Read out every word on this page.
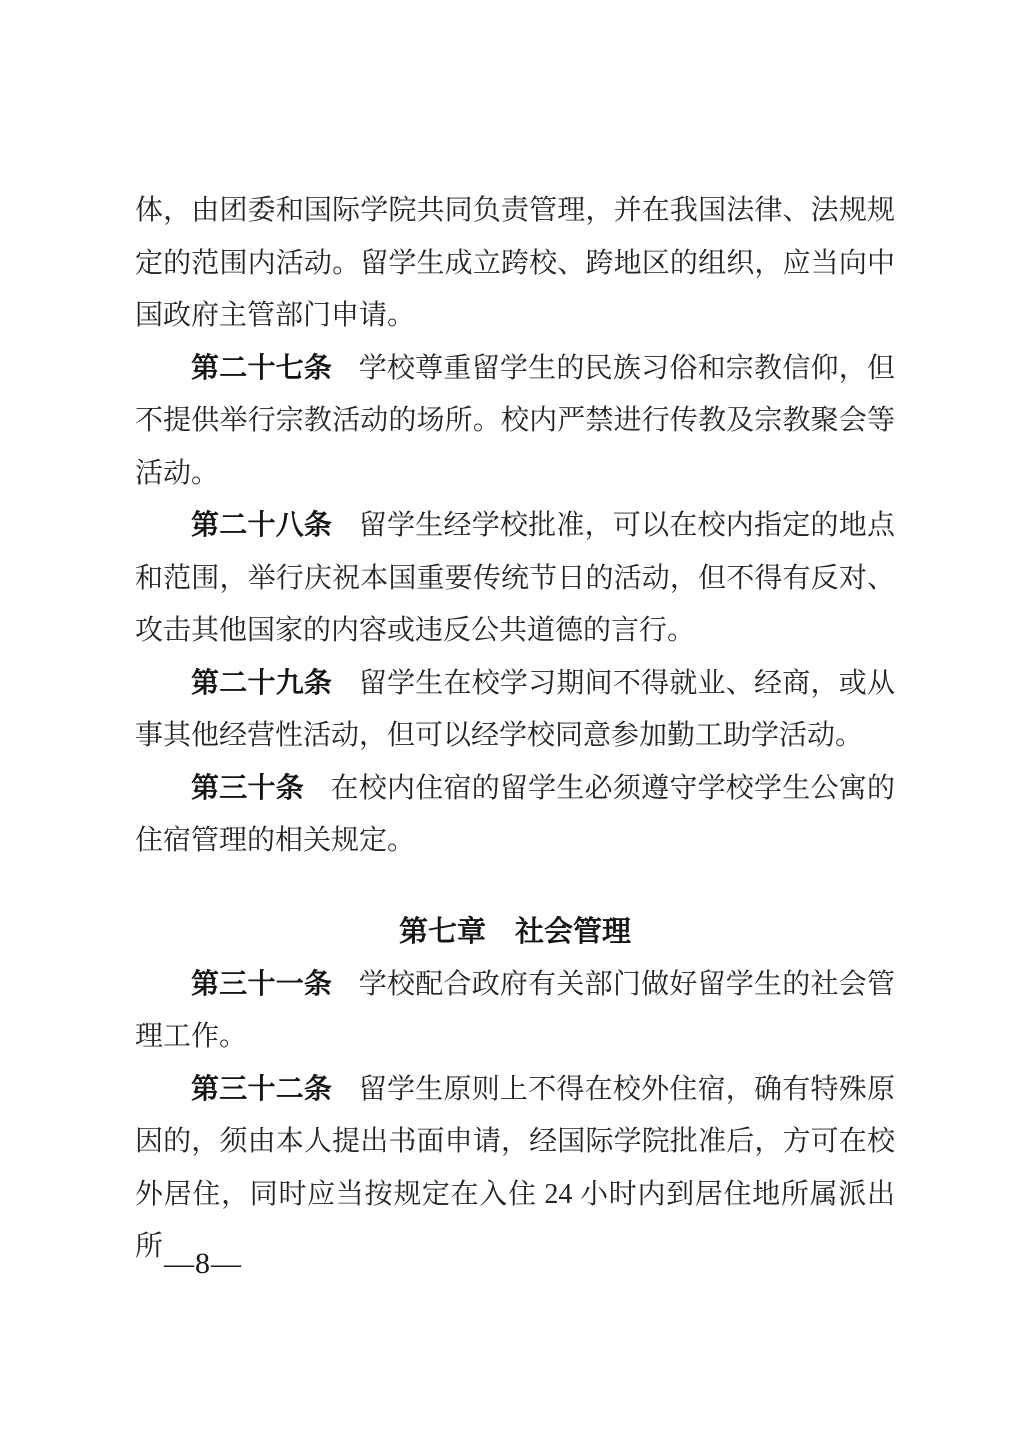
体，由团委和国际学院共同负责管理，并在我国法律、法规规定的范围内活动。留学生成立跨校、跨地区的组织，应当向中国政府主管部门申请。

第二十七条 学校尊重留学生的民族习俗和宗教信仰，但不提供举行宗教活动的场所。校内严禁进行传教及宗教聚会等活动。

第二十八条 留学生经学校批准，可以在校内指定的地点和范围，举行庆祝本国重要传统节日的活动，但不得有反对、攻击其他国家的内容或违反公共道德的言行。

第二十九条 留学生在校学习期间不得就业、经商，或从事其他经营性活动，但可以经学校同意参加勤工助学活动。

第三十条 在校内住宿的留学生必须遵守学校学生公寓的住宿管理的相关规定。

第七章　社会管理

第三十一条 学校配合政府有关部门做好留学生的社会管理工作。

第三十二条 留学生原则上不得在校外住宿，确有特殊原因的，须由本人提出书面申请，经国际学院批准后，方可在校外居住，同时应当按规定在入住 24 小时内到居住地所属派出所

—8—
